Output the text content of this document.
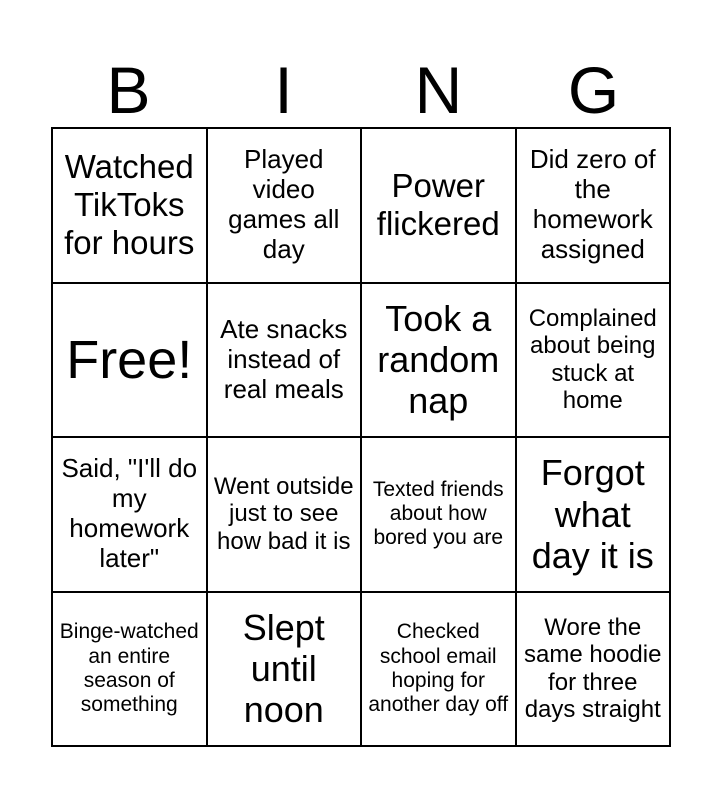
B	I	N	G
Watched TikToks for hours
Played video games all day
Power flickered
Did zero of the homework assigned
Free!
Ate snacks instead of real meals
Took a random nap
Complained about being stuck at home
Said, "I'll do my homework later"
Went outside just to see how bad it is
Texted friends about how bored you are
Forgot what day it is
Binge-watched an entire season of something
Slept until noon
Checked school email hoping for another day off
Wore the same hoodie for three days straight
